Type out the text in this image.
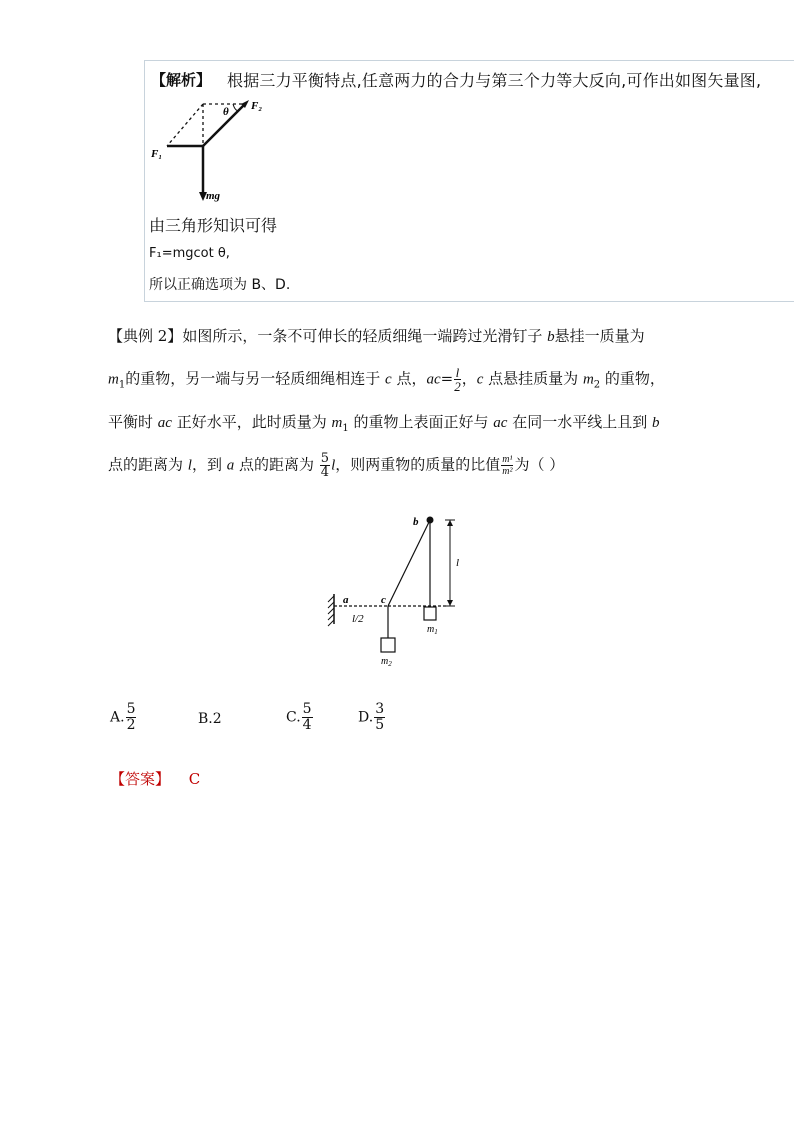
【解析】 根据三力平衡特点,任意两力的合力与第三个力等大反向,可作出如图矢量图,
F₂
θ
F₁
mg
由三角形知识可得
F₁=mgcot θ,
所以正确选项为 B、D.
【典例 2】如图所示，一条不可伸长的轻质细绳一端跨过光滑钉子 b悬挂一质量为
$m_1$的重物，另一端与另一轻质细绳相连于 c 点，$ac= \frac{l}{2}$ ，c 点悬挂质量为 $m_2$ 的重物，
平衡时 ac 正好水平，此时质量为 $m_1$ 的重物上表面正好与 ac 在同一水平线上且到 b
点的距离为 l，到 a 点的距离为 $\frac{5}{4}$ l，则两重物的质量的比值 $\frac{\text{m¹}}{\text{m²}}$ 为（ ）
b
l
a	c
l/2
$m_1$
$m_2$
A. $\frac{5}{2}$	B.2	C. $\frac{5}{4}$	D. $\frac{3}{5}$
【答案】 C
